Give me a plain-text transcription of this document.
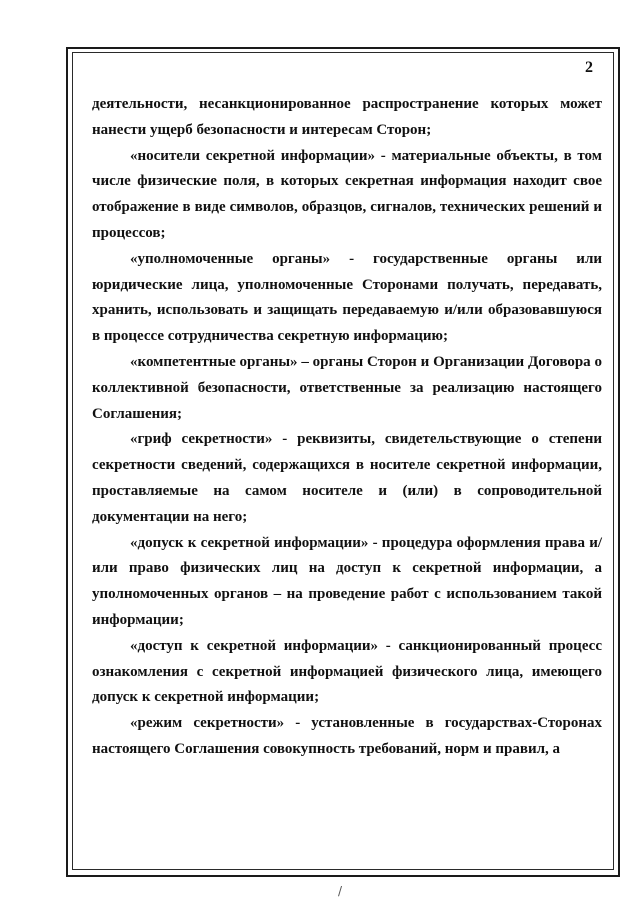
2

деятельности, несанкционированное распространение которых может нанести ущерб безопасности и интересам Сторон;

«носители секретной информации» - материальные объекты, в том числе физические поля, в которых секретная информация находит свое отображение в виде символов, образцов, сигналов, технических решений и процессов;

«уполномоченные органы» - государственные органы или юридические лица, уполномоченные Сторонами получать, передавать, хранить, использовать и защищать передаваемую и/или образовавшуюся в процессе сотрудничества секретную информацию;

«компетентные органы» – органы Сторон и Организации Договора о коллективной безопасности, ответственные за реализацию настоящего Соглашения;

«гриф секретности» - реквизиты, свидетельствующие о степени секретности сведений, содержащихся в носителе секретной информации, проставляемые на самом носителе и (или) в сопроводительной документации на него;

«допуск к секретной информации» - процедура оформления права и/или право физических лиц на доступ к секретной информации, а уполномоченных органов – на проведение работ с использованием такой информации;

«доступ к секретной информации» - санкционированный процесс ознакомления с секретной информацией физического лица, имеющего допуск к секретной информации;

«режим секретности» - установленные в государствах-Сторонах настоящего Соглашения совокупность требований, норм и правил, а

/
